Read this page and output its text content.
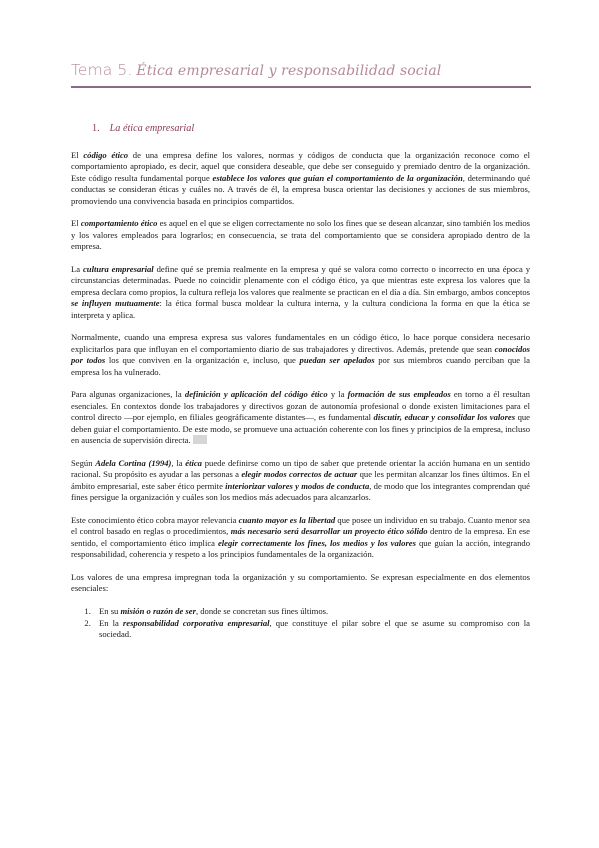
Tema 5. Ética empresarial y responsabilidad social
1. La ética empresarial

El código ético de una empresa define los valores, normas y códigos de conducta que la organización reconoce como el comportamiento apropiado, es decir, aquel que considera deseable, que debe ser conseguido y premiado dentro de la organización. Este código resulta fundamental porque establece los valores que guían el comportamiento de la organización, determinando qué conductas se consideran éticas y cuáles no. A través de él, la empresa busca orientar las decisiones y acciones de sus miembros, promoviendo una convivencia basada en principios compartidos.

El comportamiento ético es aquel en el que se eligen correctamente no solo los fines que se desean alcanzar, sino también los medios y los valores empleados para lograrlos; en consecuencia, se trata del comportamiento que se considera apropiado dentro de la empresa.

La cultura empresarial define qué se premia realmente en la empresa y qué se valora como correcto o incorrecto en una época y circunstancias determinadas. Puede no coincidir plenamente con el código ético, ya que mientras este expresa los valores que la empresa declara como propios, la cultura refleja los valores que realmente se practican en el día a día. Sin embargo, ambos conceptos se influyen mutuamente: la ética formal busca moldear la cultura interna, y la cultura condiciona la forma en que la ética se interpreta y aplica.

Normalmente, cuando una empresa expresa sus valores fundamentales en un código ético, lo hace porque considera necesario explicitarlos para que influyan en el comportamiento diario de sus trabajadores y directivos. Además, pretende que sean conocidos por todos los que conviven en la organización e, incluso, que puedan ser apelados por sus miembros cuando perciban que la empresa los ha vulnerado.

Para algunas organizaciones, la definición y aplicación del código ético y la formación de sus empleados en torno a él resultan esenciales. En contextos donde los trabajadores y directivos gozan de autonomía profesional o donde existen limitaciones para el control directo —por ejemplo, en filiales geográficamente distantes—, es fundamental discutir, educar y consolidar los valores que deben guiar el comportamiento. De este modo, se promueve una actuación coherente con los fines y principios de la empresa, incluso en ausencia de supervisión directa.

Según Adela Cortina (1994), la ética puede definirse como un tipo de saber que pretende orientar la acción humana en un sentido racional. Su propósito es ayudar a las personas a elegir modos correctos de actuar que les permitan alcanzar los fines últimos. En el ámbito empresarial, este saber ético permite interiorizar valores y modos de conducta, de modo que los integrantes comprendan qué fines persigue la organización y cuáles son los medios más adecuados para alcanzarlos.

Este conocimiento ético cobra mayor relevancia cuanto mayor es la libertad que posee un individuo en su trabajo. Cuanto menor sea el control basado en reglas o procedimientos, más necesario será desarrollar un proyecto ético sólido dentro de la empresa. En ese sentido, el comportamiento ético implica elegir correctamente los fines, los medios y los valores que guían la acción, integrando responsabilidad, coherencia y respeto a los principios fundamentales de la organización.

Los valores de una empresa impregnan toda la organización y su comportamiento. Se expresan especialmente en dos elementos esenciales:

1. En su misión o razón de ser, donde se concretan sus fines últimos.
2. En la responsabilidad corporativa empresarial, que constituye el pilar sobre el que se asume su compromiso con la sociedad.
